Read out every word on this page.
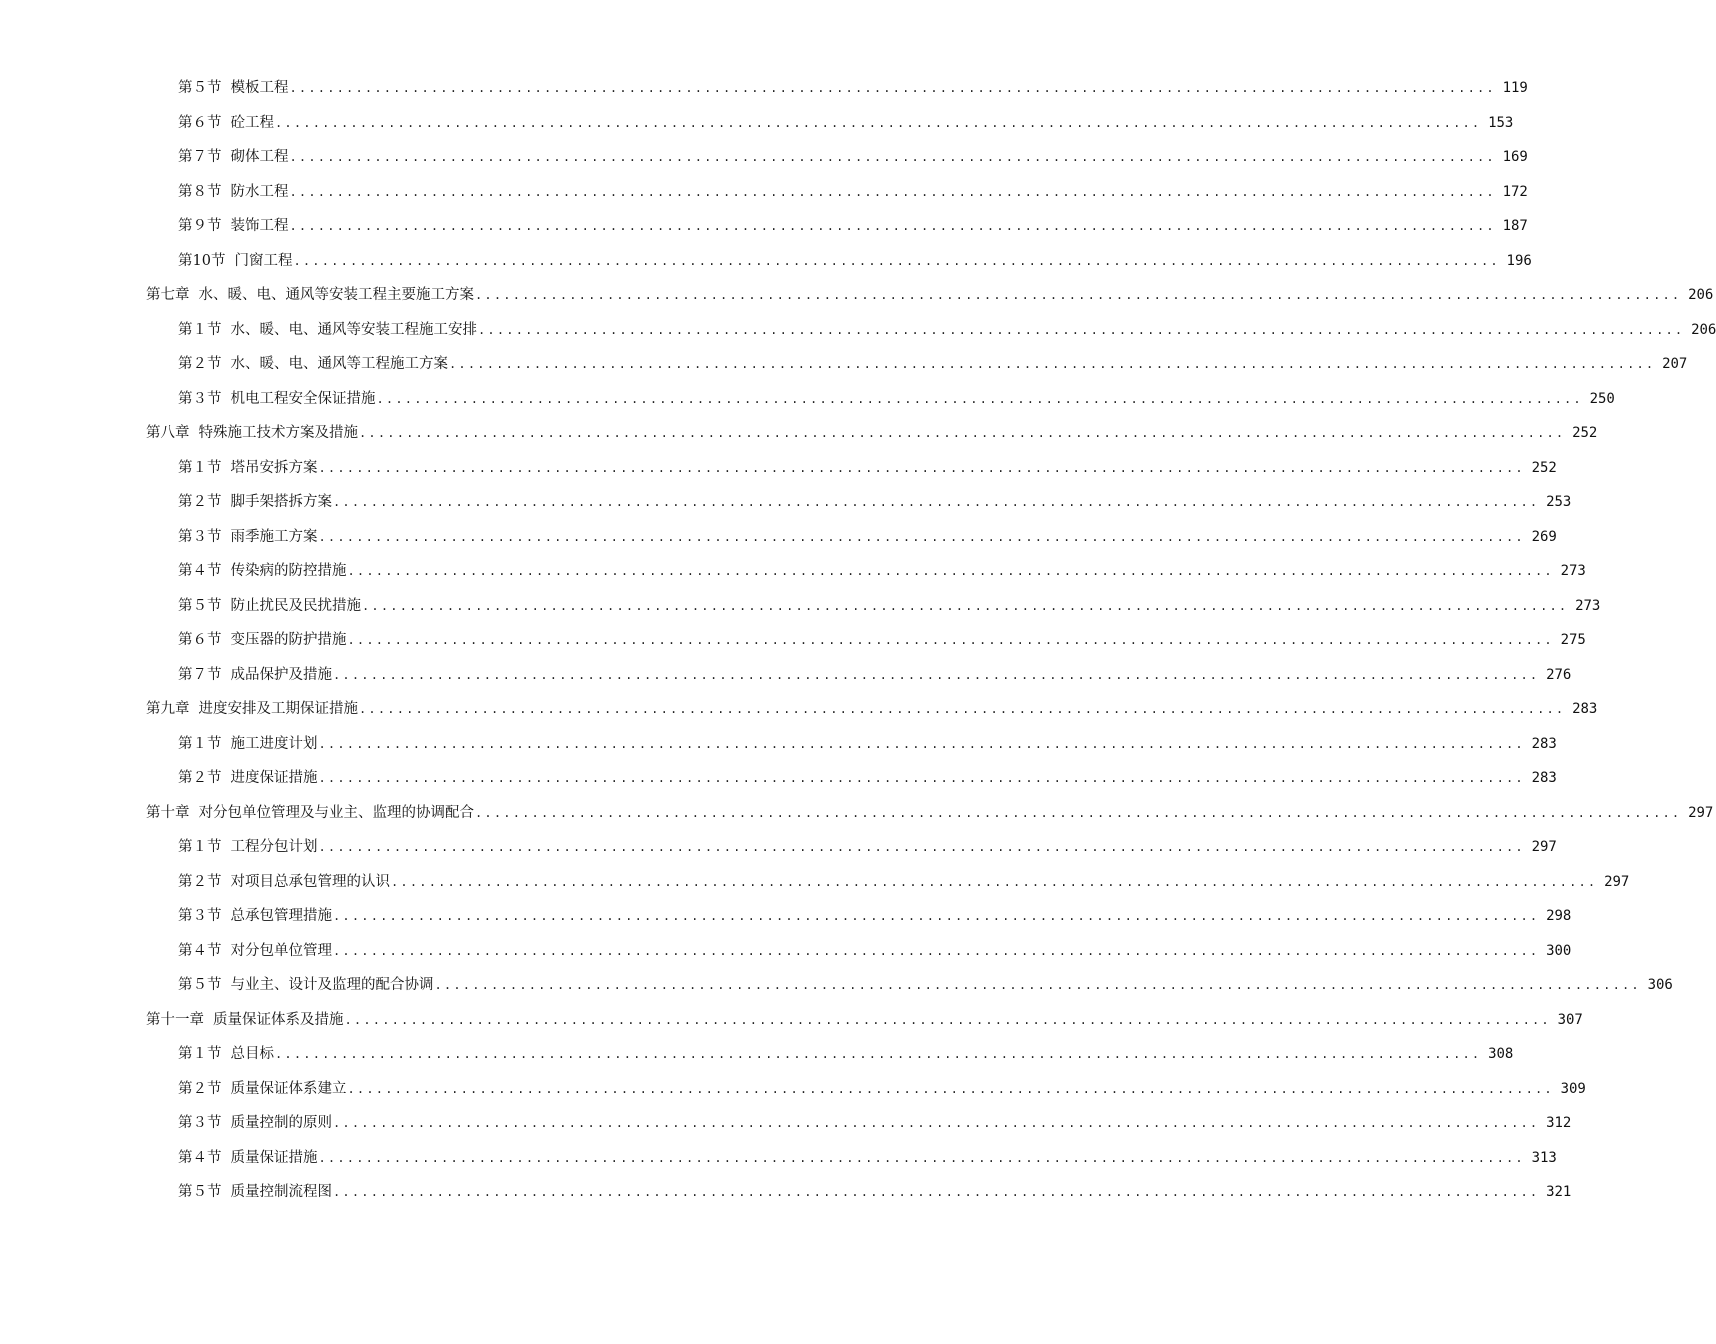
第５节 模板工程 ................................................................................................................................ 119
第６节 砼工程 ................................................................................................................................ 153
第７节 砌体工程 ................................................................................................................................ 169
第８节 防水工程 ................................................................................................................................ 172
第９节 装饰工程 ................................................................................................................................ 187
第10节 门窗工程 ................................................................................................................................ 196
第七章 水、暖、电、通风等安装工程主要施工方案 ................................................................................................................................ 206
第１节 水、暖、电、通风等安装工程施工安排 ................................................................................................................................ 206
第２节 水、暖、电、通风等工程施工方案 ................................................................................................................................ 207
第３节 机电工程安全保证措施 ................................................................................................................................ 250
第八章 特殊施工技术方案及措施 ................................................................................................................................ 252
第１节 塔吊安拆方案 ................................................................................................................................ 252
第２节 脚手架搭拆方案 ................................................................................................................................ 253
第３节 雨季施工方案 ................................................................................................................................ 269
第４节 传染病的防控措施 ................................................................................................................................ 273
第５节 防止扰民及民扰措施 ................................................................................................................................ 273
第６节 变压器的防护措施 ................................................................................................................................ 275
第７节 成品保护及措施 ................................................................................................................................ 276
第九章 进度安排及工期保证措施 ................................................................................................................................ 283
第１节 施工进度计划 ................................................................................................................................ 283
第２节 进度保证措施 ................................................................................................................................ 283
第十章 对分包单位管理及与业主、监理的协调配合 ................................................................................................................................ 297
第１节 工程分包计划 ................................................................................................................................ 297
第２节 对项目总承包管理的认识 ................................................................................................................................ 297
第３节 总承包管理措施 ................................................................................................................................ 298
第４节 对分包单位管理 ................................................................................................................................ 300
第５节 与业主、设计及监理的配合协调 ................................................................................................................................ 306
第十一章 质量保证体系及措施 ................................................................................................................................ 307
第１节 总目标 ................................................................................................................................ 308
第２节 质量保证体系建立 ................................................................................................................................ 309
第３节 质量控制的原则 ................................................................................................................................ 312
第４节 质量保证措施 ................................................................................................................................ 313
第５节 质量控制流程图 ................................................................................................................................ 321
